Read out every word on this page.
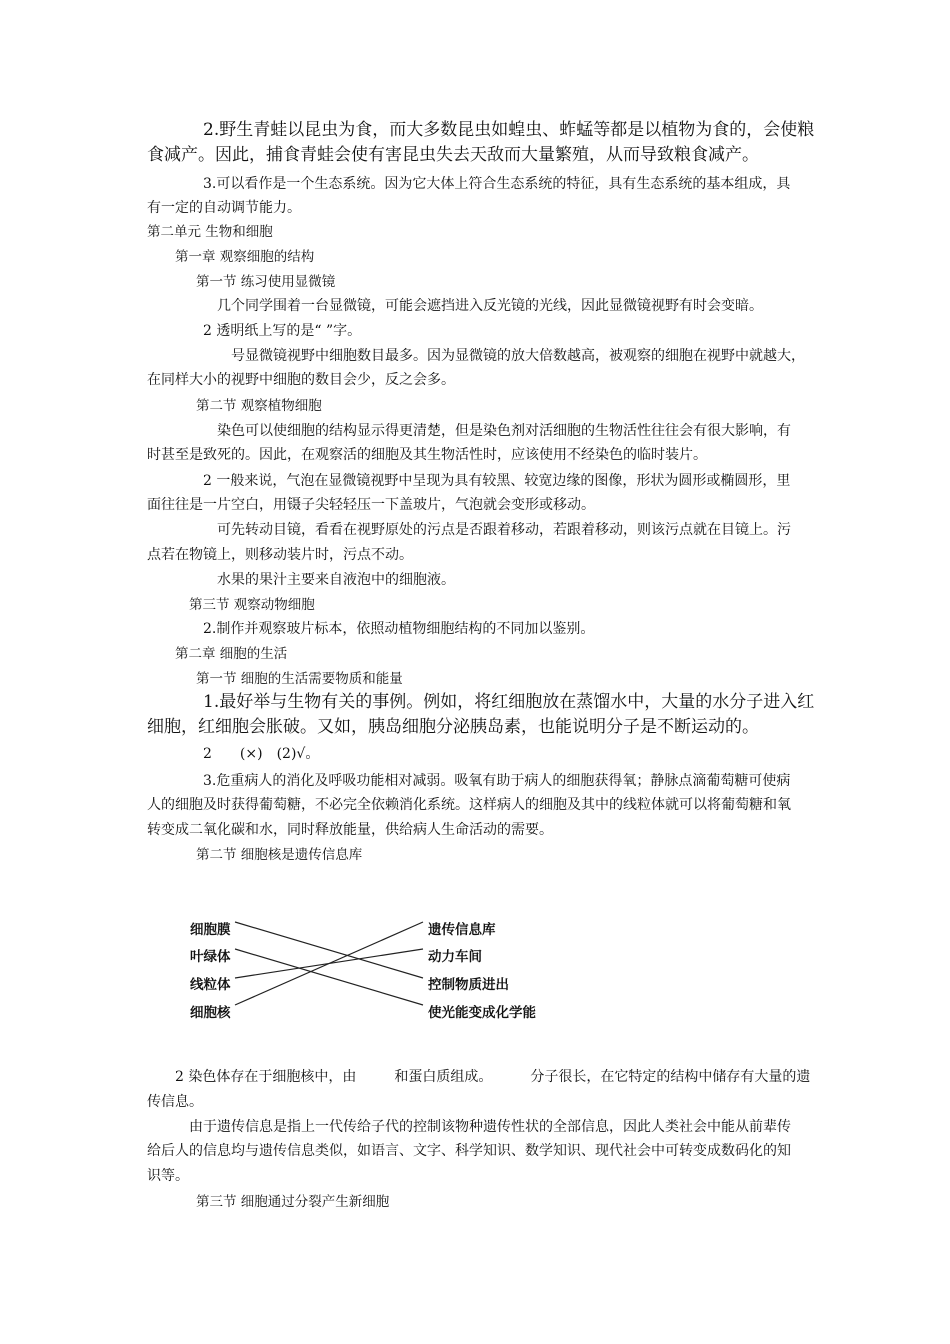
2.野生青蛙以昆虫为食，而大多数昆虫如蝗虫、蚱蜢等都是以植物为食的，会使粮
食减产。因此，捕食青蛙会使有害昆虫失去天敌而大量繁殖，从而导致粮食减产。
3.可以看作是一个生态系统。因为它大体上符合生态系统的特征，具有生态系统的基本组成，具
有一定的自动调节能力。
第二单元 生物和细胞
第一章 观察细胞的结构
第一节 练习使用显微镜
几个同学围着一台显微镜，可能会遮挡进入反光镜的光线，因此显微镜视野有时会变暗。
2 透明纸上写的是“ ”字。
号显微镜视野中细胞数目最多。因为显微镜的放大倍数越高，被观察的细胞在视野中就越大，
在同样大小的视野中细胞的数目会少，反之会多。
第二节 观察植物细胞
染色可以使细胞的结构显示得更清楚，但是染色剂对活细胞的生物活性往往会有很大影响，有
时甚至是致死的。因此，在观察活的细胞及其生物活性时，应该使用不经染色的临时装片。
2 一般来说，气泡在显微镜视野中呈现为具有较黑、较宽边缘的图像，形状为圆形或椭圆形，里
面往往是一片空白，用镊子尖轻轻压一下盖玻片，气泡就会变形或移动。
可先转动目镜，看看在视野原处的污点是否跟着移动，若跟着移动，则该污点就在目镜上。污
点若在物镜上，则移动装片时，污点不动。
水果的果汁主要来自液泡中的细胞液。
第三节 观察动物细胞
2.制作并观察玻片标本，依照动植物细胞结构的不同加以鉴别。
第二章 细胞的生活
第一节 细胞的生活需要物质和能量
1.最好举与生物有关的事例。例如，将红细胞放在蒸馏水中，大量的水分子进入红
细胞，红细胞会胀破。又如，胰岛细胞分泌胰岛素，也能说明分子是不断运动的。
2 (×) (2)√。
3.危重病人的消化及呼吸功能相对减弱。吸氧有助于病人的细胞获得氧；静脉点滴葡萄糖可使病
人的细胞及时获得葡萄糖，不必完全依赖消化系统。这样病人的细胞及其中的线粒体就可以将葡萄糖和氧
转变成二氧化碳和水，同时释放能量，供给病人生命活动的需要。
第二节 细胞核是遗传信息库
细胞膜
叶绿体
线粒体
细胞核
遗传信息库
动力车间
控制物质进出
使光能变成化学能
2 染色体存在于细胞核中，由	和蛋白质组成。	分子很长，在它特定的结构中储存有大量的遗
传信息。
由于遗传信息是指上一代传给子代的控制该物种遗传性状的全部信息，因此人类社会中能从前辈传
给后人的信息均与遗传信息类似，如语言、文字、科学知识、数学知识、现代社会中可转变成数码化的知
识等。
第三节 细胞通过分裂产生新细胞
